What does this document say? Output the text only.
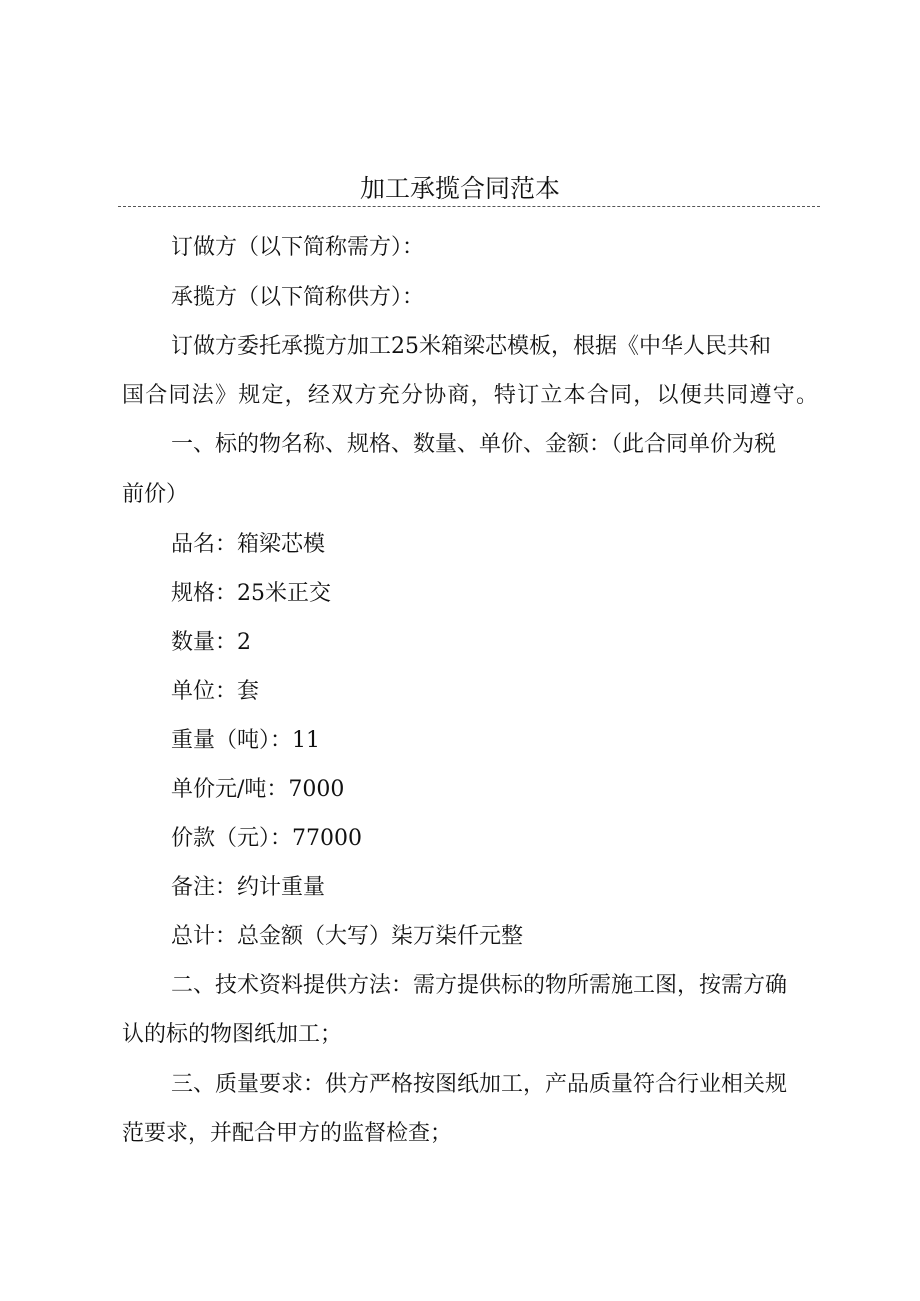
加工承揽合同范本
订做方（以下简称需方）：
承揽方（以下简称供方）：
订做方委托承揽方加工25米箱梁芯模板，根据《中华人民共和
国合同法》规定，经双方充分协商，特订立本合同，以便共同遵守。
一、标的物名称、规格、数量、单价、金额：（此合同单价为税
前价）
品名：箱梁芯模
规格：25米正交
数量：2
单位：套
重量（吨）：11
单价元/吨：7000
价款（元）：77000
备注：约计重量
总计：总金额（大写）柒万柒仟元整
二、技术资料提供方法：需方提供标的物所需施工图，按需方确
认的标的物图纸加工；
三、质量要求：供方严格按图纸加工，产品质量符合行业相关规
范要求，并配合甲方的监督检查；
